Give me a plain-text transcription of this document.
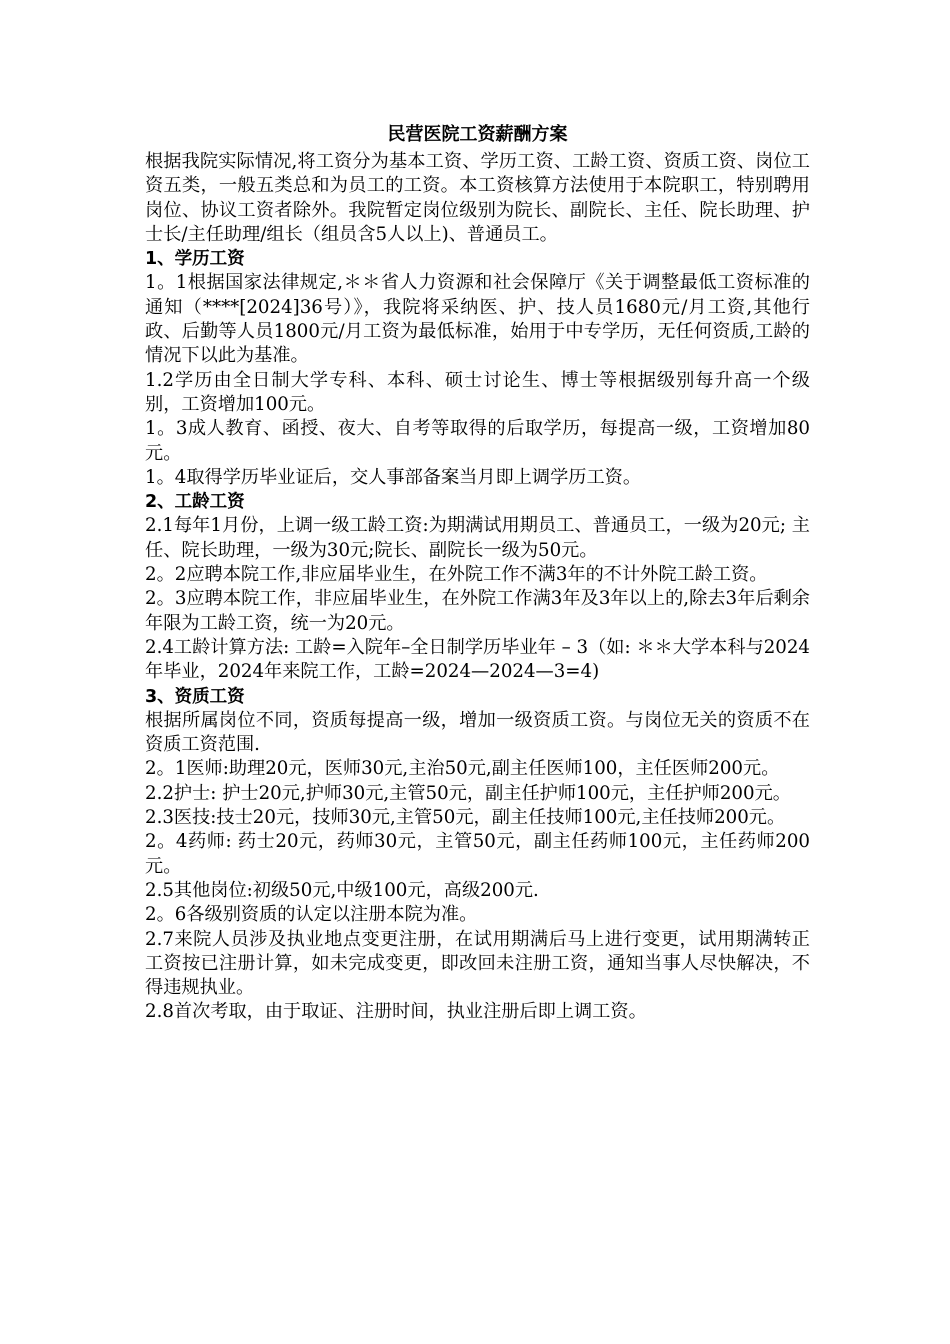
民营医院工资薪酬方案

根据我院实际情况,将工资分为基本工资、学历工资、工龄工资、资质工资、岗位工资五类，一般五类总和为员工的工资。本工资核算方法使用于本院职工，特别聘用岗位、协议工资者除外。我院暂定岗位级别为院长、副院长、主任、院长助理、护士长/主任助理/组长（组员含5人以上)、普通员工。

1、学历工资

1。1根据国家法律规定,＊＊省人力资源和社会保障厅《关于调整最低工资标准的通知（****[2024]36号）》，我院将采纳医、护、技人员1680元/月工资,其他行政、后勤等人员1800元/月工资为最低标准，始用于中专学历，无任何资质,工龄的情况下以此为基准。

1.2学历由全日制大学专科、本科、硕士讨论生、博士等根据级别每升高一个级别，工资增加100元。

1。3成人教育、函授、夜大、自考等取得的后取学历，每提高一级，工资增加80元。

1。4取得学历毕业证后，交人事部备案当月即上调学历工资。

2、工龄工资

2.1每年1月份，上调一级工龄工资:为期满试用期员工、普通员工，一级为20元; 主任、院长助理，一级为30元;院长、副院长一级为50元。

2。2应聘本院工作,非应届毕业生，在外院工作不满3年的不计外院工龄工资。

2。3应聘本院工作，非应届毕业生，在外院工作满3年及3年以上的,除去3年后剩余年限为工龄工资，统一为20元。

2.4工龄计算方法: 工龄=入院年–全日制学历毕业年 – 3（如: ＊＊大学本科与2024年毕业，2024年来院工作，工龄=2024—2024—3=4)

3、资质工资

根据所属岗位不同，资质每提高一级，增加一级资质工资。与岗位无关的资质不在资质工资范围.

2。1医师:助理20元，医师30元,主治50元,副主任医师100，主任医师200元。

2.2护士: 护士20元,护师30元,主管50元，副主任护师100元，主任护师200元。

2.3医技:技士20元，技师30元,主管50元，副主任技师100元,主任技师200元。

2。4药师: 药士20元，药师30元，主管50元，副主任药师100元，主任药师200元。

2.5其他岗位:初级50元,中级100元，高级200元.

2。6各级别资质的认定以注册本院为准。

2.7来院人员涉及执业地点变更注册，在试用期满后马上进行变更，试用期满转正工资按已注册计算，如未完成变更，即改回未注册工资，通知当事人尽快解决，不得违规执业。

2.8首次考取，由于取证、注册时间，执业注册后即上调工资。
